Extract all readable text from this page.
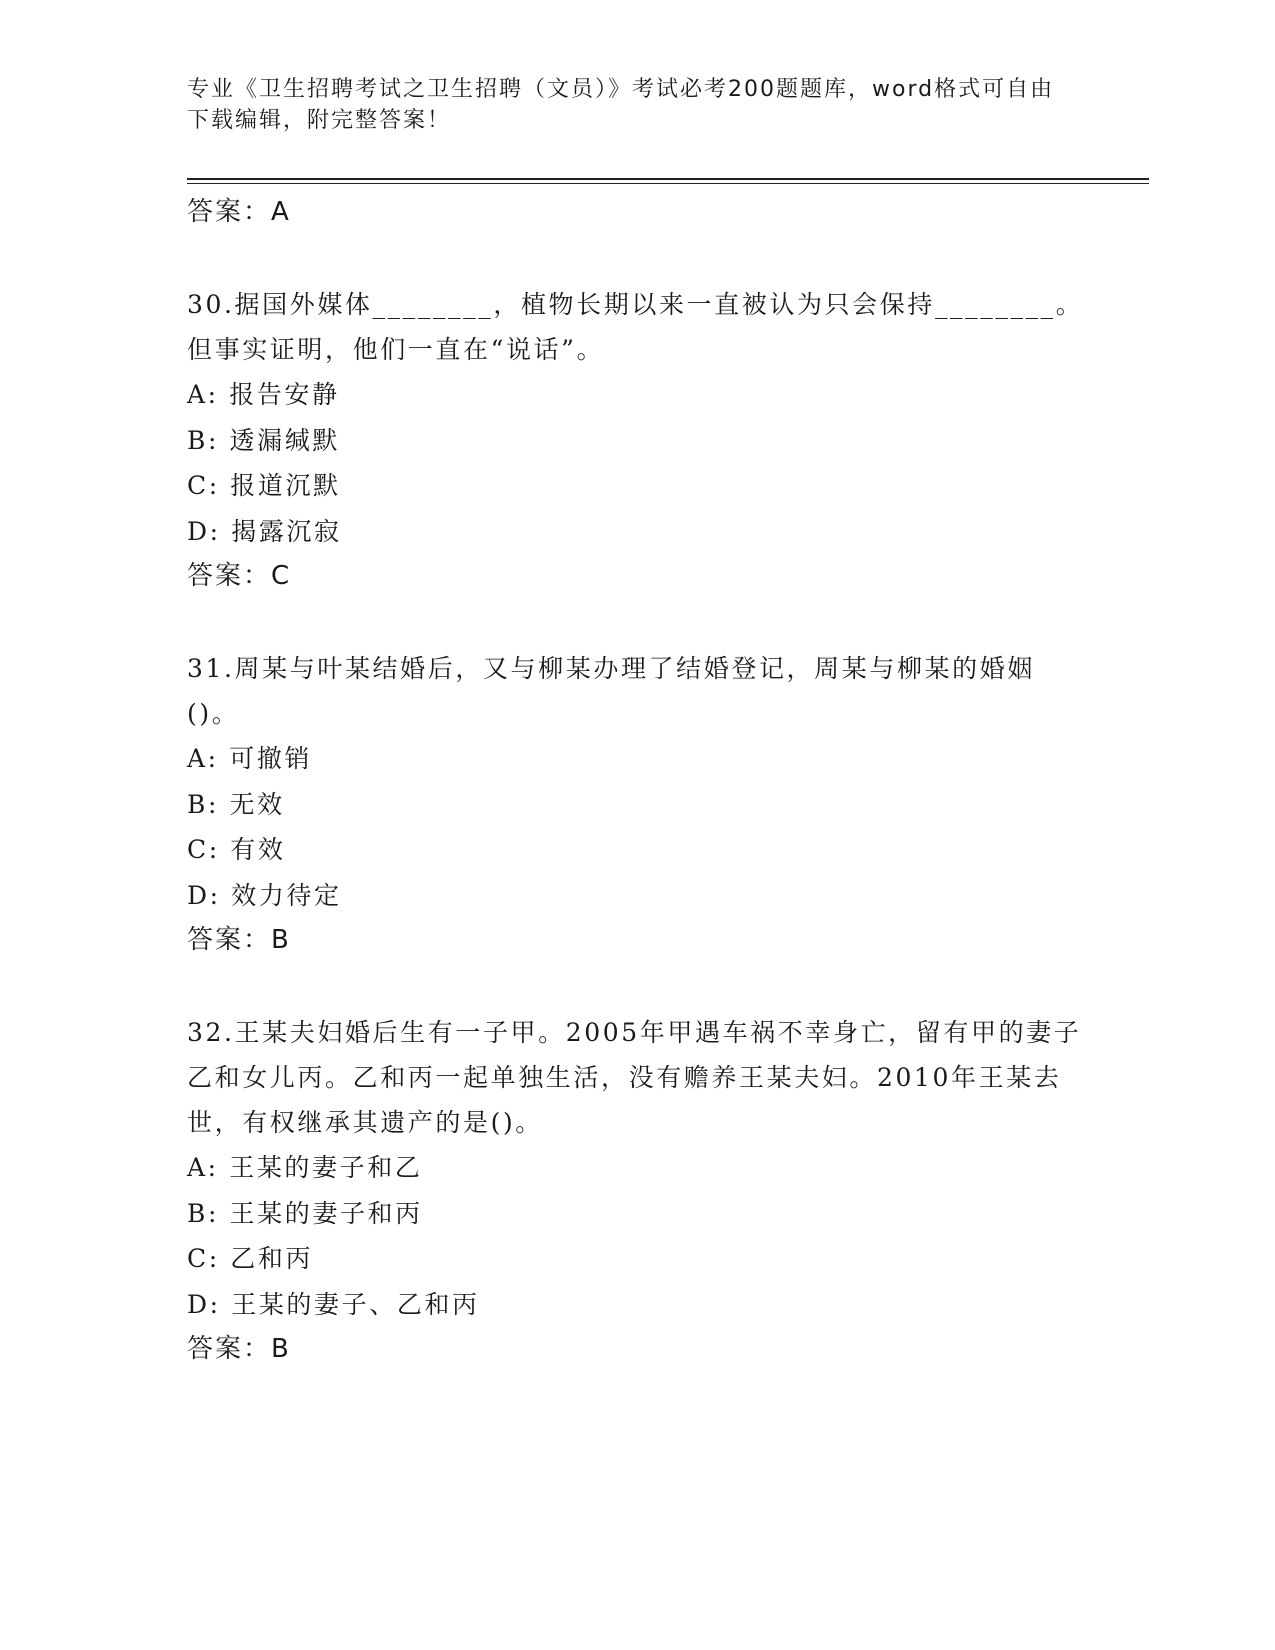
专业《卫生招聘考试之卫生招聘（文员）》考试必考200题题库，word格式可自由下载编辑，附完整答案！
答案：A
30.据国外媒体________，植物长期以来一直被认为只会保持________。但事实证明，他们一直在“说话”。
A: 报告安静
B: 透漏缄默
C: 报道沉默
D: 揭露沉寂
答案：C
31.周某与叶某结婚后，又与柳某办理了结婚登记，周某与柳某的婚姻()。
A: 可撤销
B: 无效
C: 有效
D: 效力待定
答案：B
32.王某夫妇婚后生有一子甲。2005年甲遇车祸不幸身亡，留有甲的妻子乙和女儿丙。乙和丙一起单独生活，没有赡养王某夫妇。2010年王某去世，有权继承其遗产的是()。
A: 王某的妻子和乙
B: 王某的妻子和丙
C: 乙和丙
D: 王某的妻子、乙和丙
答案：B
